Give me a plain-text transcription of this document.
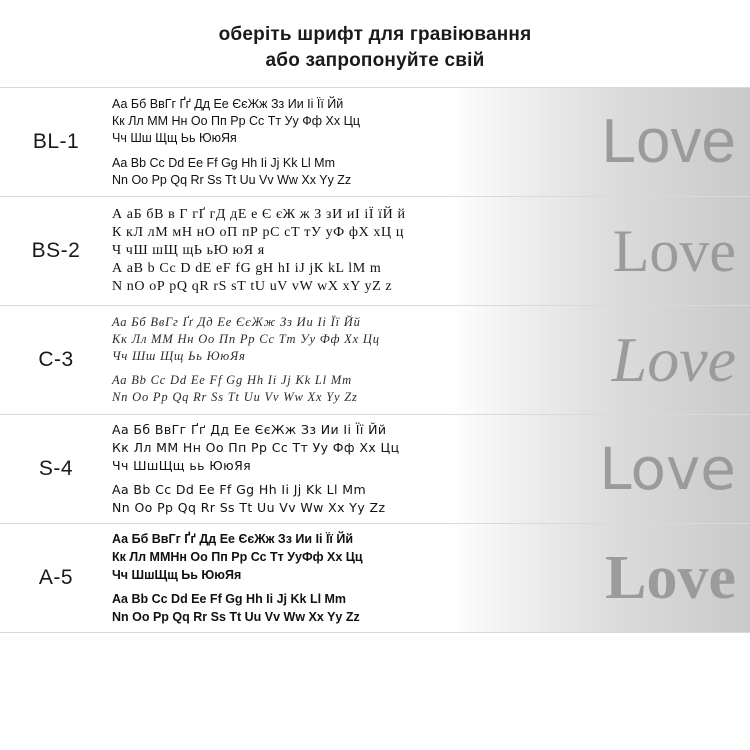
оберіть шрифт для гравіювання
або запропонуйте свій
BL-1
Аа Бб ВвГг Ґґ Дд Ее ЄєЖж Зз Ии Іі Її Йй
Кк Лл ММ Нн Оо Пп Рр Сс Тт Уу Фф Хх Цц
Чч Шш Щщ Ьь ЮюЯя
Aa Bb Cc Dd Ee Ff Gg Hh Ii Jj Kk Ll Mm
Nn Oo Pp Qq Rr Ss Tt Uu Vv Ww Xx Yy Zz
Love
BS-2
А аБ бВ в Г гҐ гД дЕ е Є єЖ ж З зИ иІ іЇ їЙ й
К кЛ лМ мН нО оП пР рС сТ тУ уФ фХ хЦ ц
Ч чШ шЩ щЬ ьЮ юЯ я
А аВ b Сс D dЕ еF fG gН hI iJ jК kL lМ m
N nО оР pQ qR rS sТ tU uV vW wХ хY yZ z
Love
C-3
Аа Бб ВвГг Ґґ Дд Ее ЄєЖж Зз Ии Іі Її Йй
Кк Лл ММ Нн Оо Пп Рр Сс Тт Уу Фф Хх Цц
Чч Шш Щщ Ьь ЮюЯя
Аа Bb Cc Dd Ee Ff Gg Hh Ii Jj Kk Ll Mm
Nn Oo Pp Qq Rr Ss Tt Uu Vv Ww Xx Yy Zz
Love
S-4
Аа Бб ВвГг Ґґ Дд Ее ЄєЖж Зз Ии Іі Її Йй
Кк Лл ММ Нн Оо Пп Рр Сс Тт Уу Фф Хх Цц
Чч ШшЩщ ьь ЮюЯя
Aa Bb Cc Dd Ee Ff Gg Hh Ii Jj Kk Ll Mm
Nn Oo Pp Qq Rr Ss Tt Uu Vv Ww Xx Yy Zz
Love
A-5
Аа Бб ВвГг Ґґ Дд Ее ЄєЖж Зз Ии Іі Її Йй
Кк Лл ММНн Оо Пп Рр Сс Тт УуФф Хх Цц
Чч ШшЩщ Ьь ЮюЯя
Aa Bb Cc Dd Ee Ff Gg Hh Ii Jj Kk Ll Mm
Nn Oo Pp Qq Rr Ss Tt Uu Vv Ww Xx Yy Zz
Love
